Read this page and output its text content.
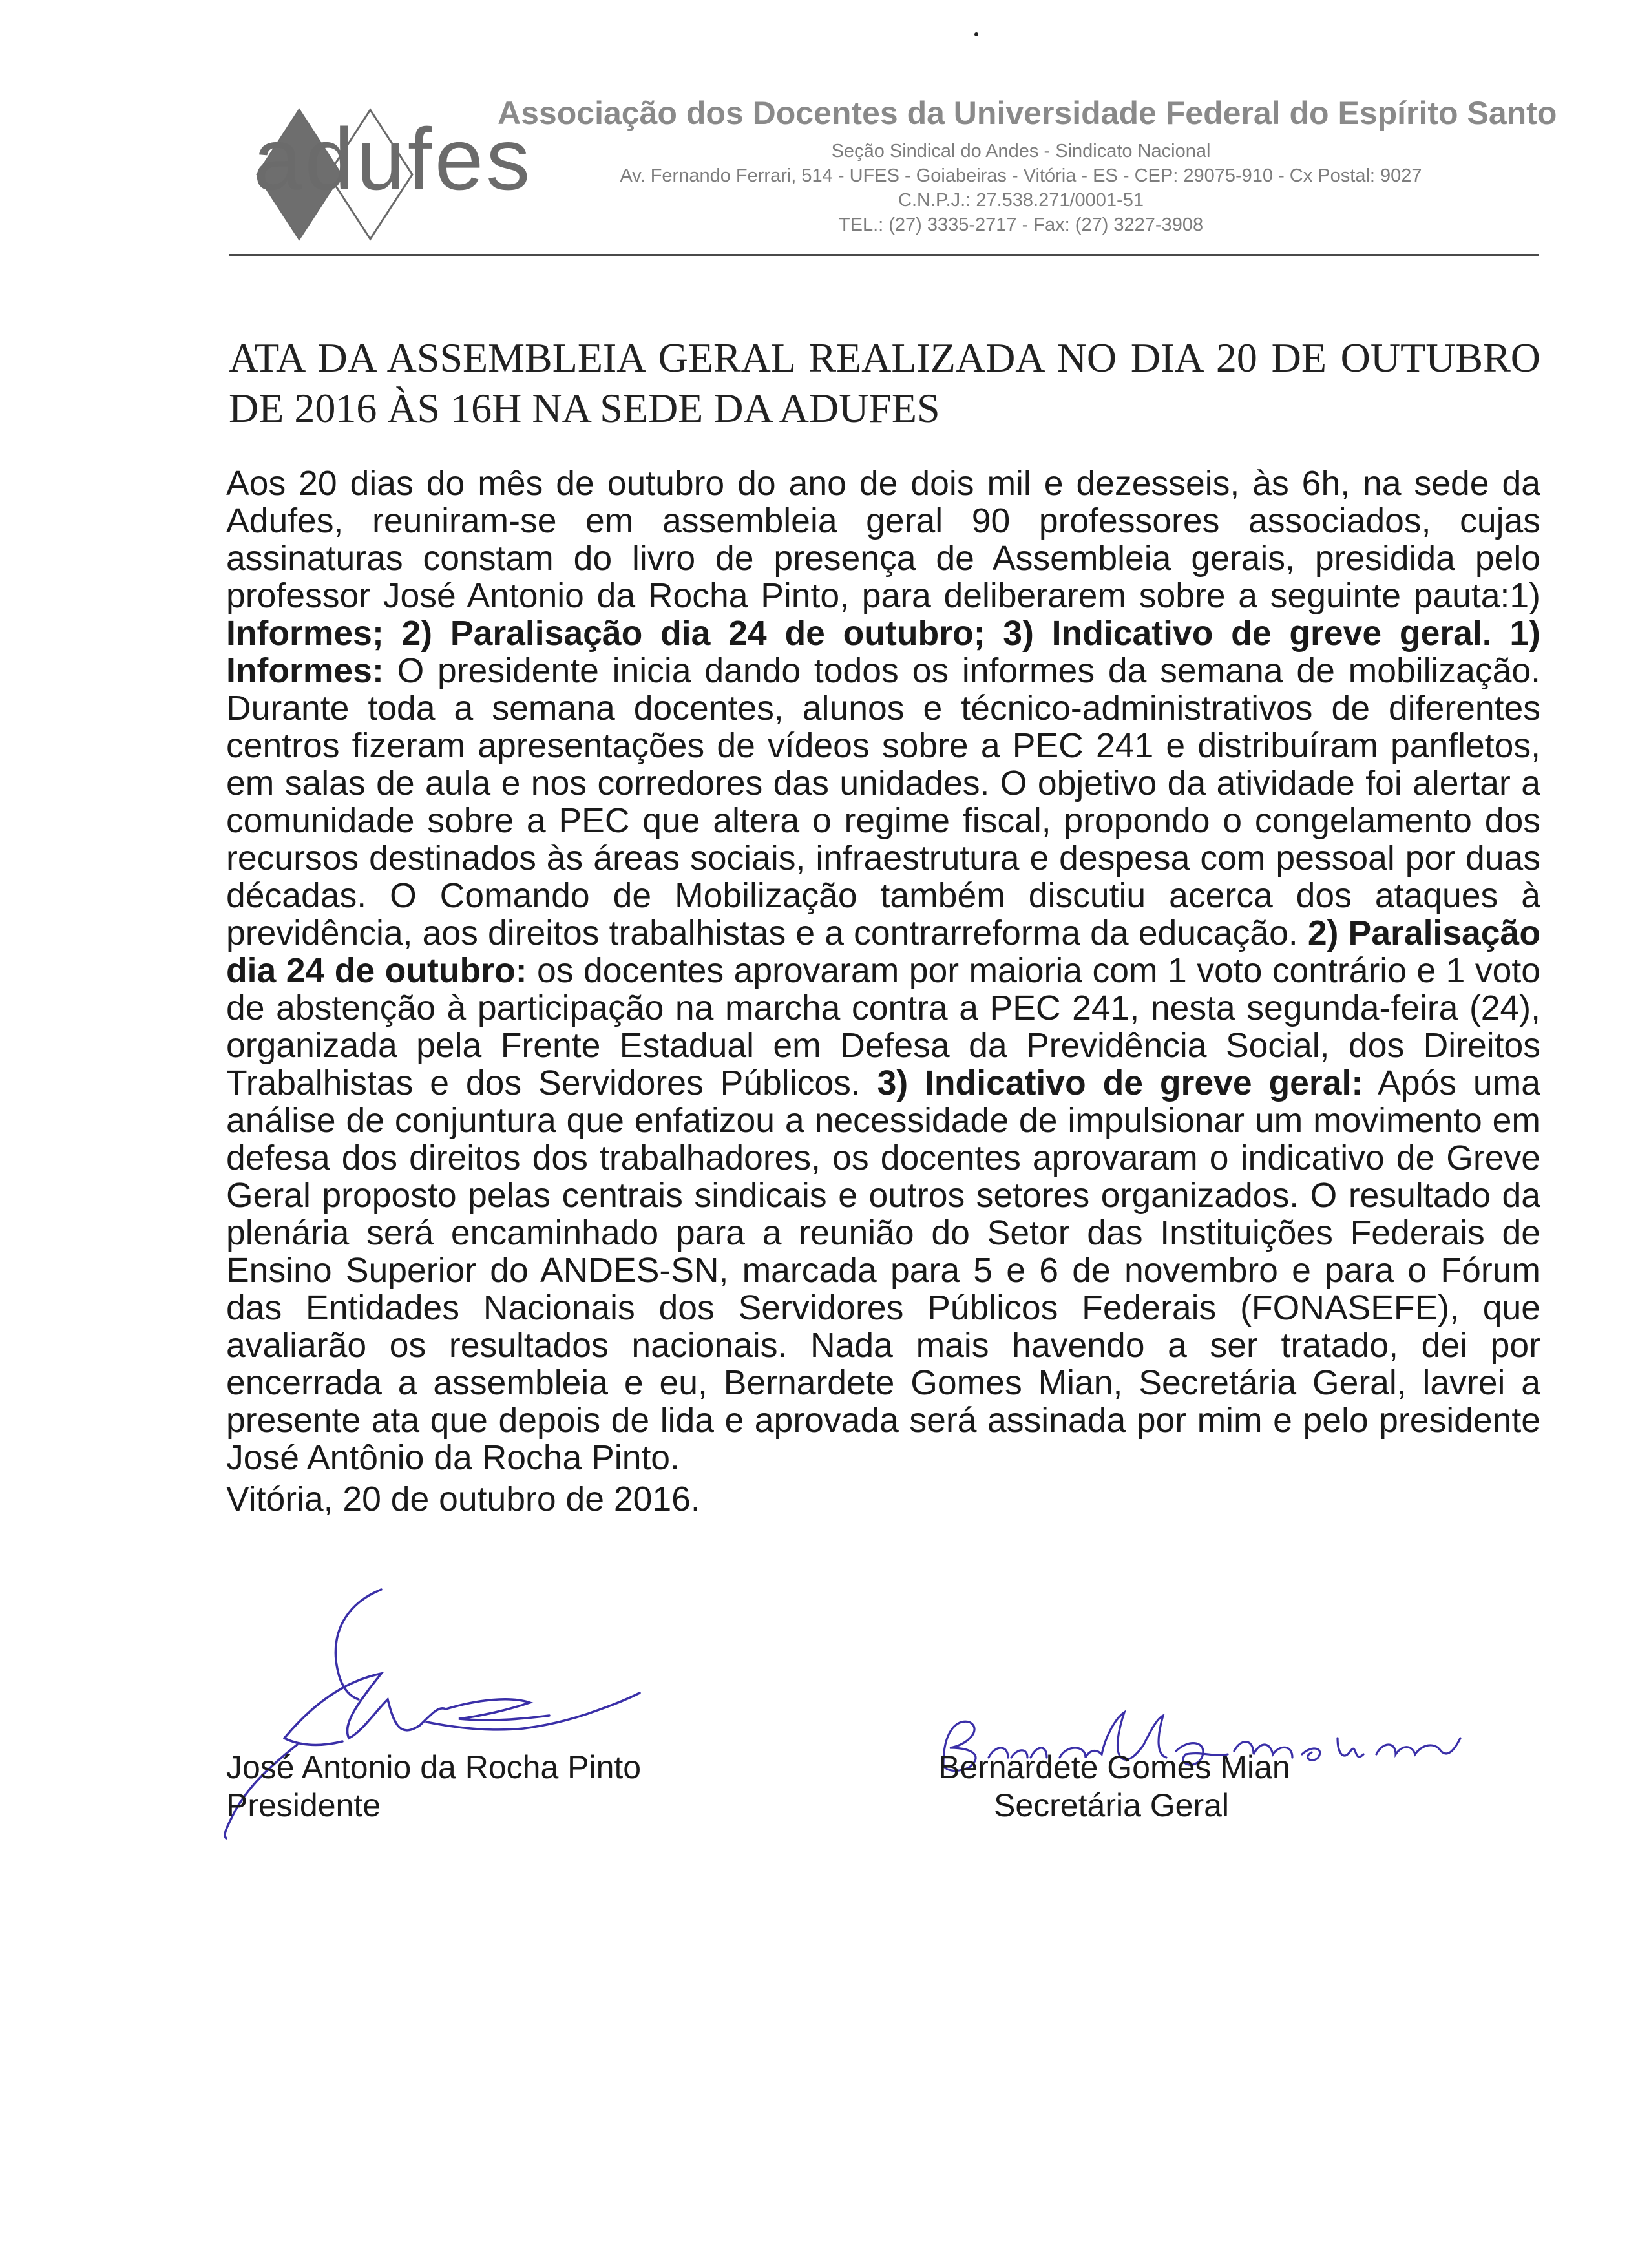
adufes
Associação dos Docentes da Universidade Federal do Espírito Santo
Seção Sindical do Andes - Sindicato Nacional
Av. Fernando Ferrari, 514 - UFES - Goiabeiras - Vitória - ES - CEP: 29075-910 - Cx Postal: 9027
C.N.P.J.: 27.538.271/0001-51
TEL.: (27) 3335-2717 - Fax: (27) 3227-3908
ATA DA ASSEMBLEIA GERAL REALIZADA NO DIA 20 DE OUTUBRO DE 2016 ÀS 16H NA SEDE DA ADUFES
Aos 20 dias do mês de outubro do ano de dois mil e dezesseis, às 6h, na sede da Adufes, reuniram-se em assembleia geral 90 professores associados, cujas assinaturas constam do livro de presença de Assembleia gerais, presidida pelo professor José Antonio da Rocha Pinto, para deliberarem sobre a seguinte pauta:1) Informes; 2) Paralisação dia 24 de outubro; 3) Indicativo de greve geral. 1) Informes: O presidente inicia dando todos os informes da semana de mobilização. Durante toda a semana docentes, alunos e técnico-administrativos de diferentes centros fizeram apresentações de vídeos sobre a PEC 241 e distribuíram panfletos, em salas de aula e nos corredores das unidades. O objetivo da atividade foi alertar a comunidade sobre a PEC que altera o regime fiscal, propondo o congelamento dos recursos destinados às áreas sociais, infraestrutura e despesa com pessoal por duas décadas. O Comando de Mobilização também discutiu acerca dos ataques à previdência, aos direitos trabalhistas e a contrarreforma da educação. 2) Paralisação dia 24 de outubro: os docentes aprovaram por maioria com 1 voto contrário e 1 voto de abstenção à participação na marcha contra a PEC 241, nesta segunda-feira (24), organizada pela Frente Estadual em Defesa da Previdência Social, dos Direitos Trabalhistas e dos Servidores Públicos. 3) Indicativo de greve geral: Após uma análise de conjuntura que enfatizou a necessidade de impulsionar um movimento em defesa dos direitos dos trabalhadores, os docentes aprovaram o indicativo de Greve Geral proposto pelas centrais sindicais e outros setores organizados. O resultado da plenária será encaminhado para a reunião do Setor das Instituições Federais de Ensino Superior do ANDES-SN, marcada para 5 e 6 de novembro e para o Fórum das Entidades Nacionais dos Servidores Públicos Federais (FONASEFE), que avaliarão os resultados nacionais. Nada mais havendo a ser tratado, dei por encerrada a assembleia e eu, Bernardete Gomes Mian, Secretária Geral, lavrei a presente ata que depois de lida e aprovada será assinada por mim e pelo presidente José Antônio da Rocha Pinto.
Vitória, 20 de outubro de 2016.
José Antonio da Rocha Pinto
Presidente
Bernardete Gomes Mian
Secretária Geral
